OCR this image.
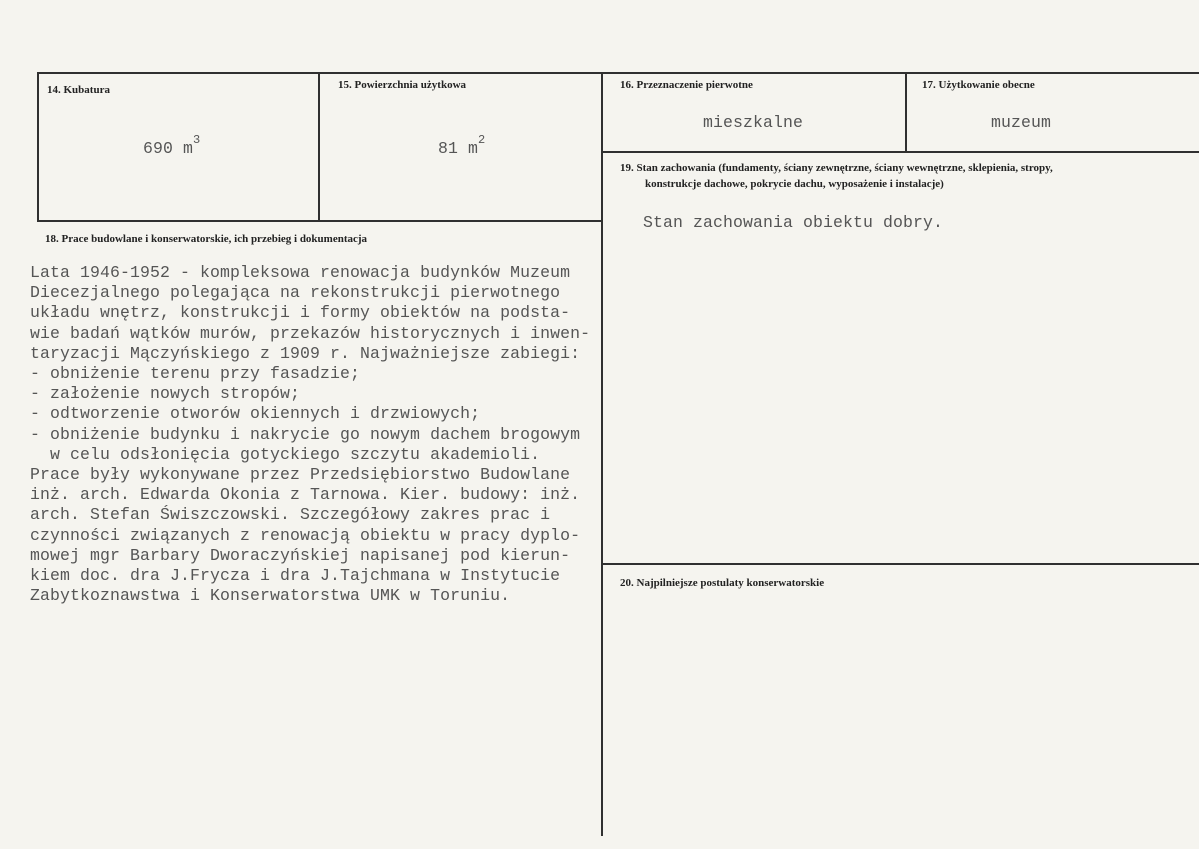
14. Kubatura
690 $m^3$
15. Powierzchnia użytkowa
81 $m^2$
16. Przeznaczenie pierwotne
mieszkalne
17. Użytkowanie obecne
muzeum
19. Stan zachowania (fundamenty, ściany zewnętrzne, ściany wewnętrzne, sklepienia, stropy,
konstrukcje dachowe, pokrycie dachu, wyposażenie i instalacje)
Stan zachowania obiektu dobry.
18. Prace budowlane i konserwatorskie, ich przebieg i dokumentacja
Lata 1946-1952 - kompleksowa renowacja budynków Muzeum
Diecezjalnego polegająca na rekonstrukcji pierwotnego
układu wnętrz, konstrukcji i formy obiektów na podsta-
wie badań wątków murów, przekazów historycznych i inwen-
taryzacji Mączyńskiego z 1909 r. Najważniejsze zabiegi:
- obniżenie terenu przy fasadzie;
- założenie nowych stropów;
- odtworzenie otworów okiennych i drzwiowych;
- obniżenie budynku i nakrycie go nowym dachem brogowym
w celu odsłonięcia gotyckiego szczytu akademioli.
Prace były wykonywane przez Przedsiębiorstwo Budowlane
inż. arch. Edwarda Okonia z Tarnowa. Kier. budowy: inż.
arch. Stefan Świszczowski. Szczegółowy zakres prac i
czynności związanych z renowacją obiektu w pracy dyplo-
mowej mgr Barbary Dworaczyńskiej napisanej pod kierun-
kiem doc. dra J.Frycza i dra J.Tajchmana w Instytucie
Zabytkoznawstwa i Konserwatorstwa UMK w Toruniu.
20. Najpilniejsze postulaty konserwatorskie
